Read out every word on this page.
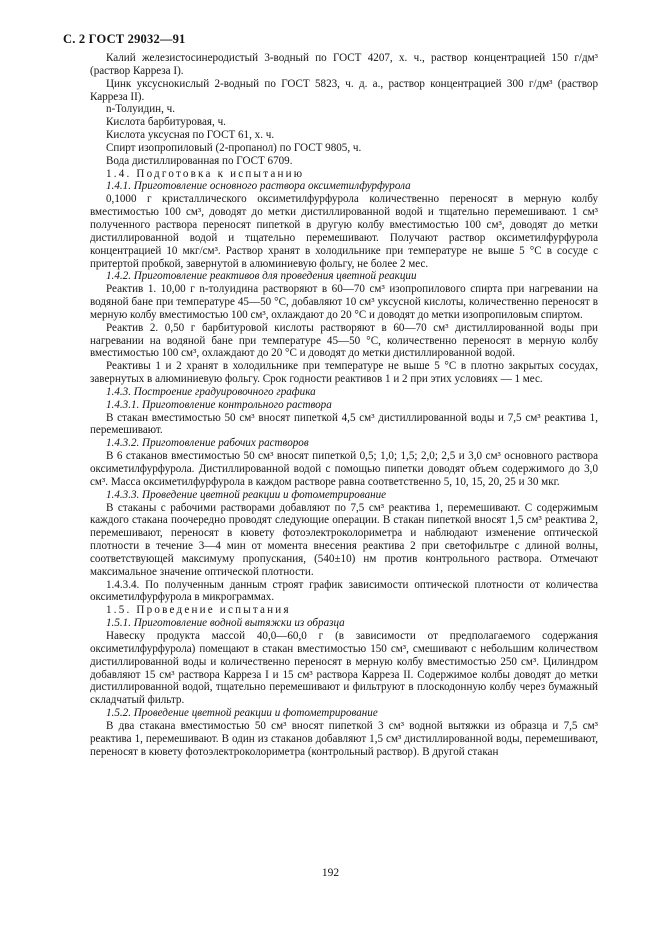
С. 2 ГОСТ 29032—91

Калий железистосинеродистый 3-водный по ГОСТ 4207, х. ч., раствор концентрацией 150 г/дм³ (раствор Карреза I).

Цинк уксуснокислый 2-водный по ГОСТ 5823, ч. д. а., раствор концентрацией 300 г/дм³ (раствор Карреза II).

n-Толуидин, ч.

Кислота барбитуровая, ч.

Кислота уксусная по ГОСТ 61, х. ч.

Спирт изопропиловый (2-пропанол) по ГОСТ 9805, ч.

Вода дистиллированная по ГОСТ 6709.

1.4. Подготовка к испытанию

1.4.1. Приготовление основного раствора оксиметилфурфурола

0,1000 г кристаллического оксиметилфурфурола количественно переносят в мерную колбу вместимостью 100 см³, доводят до метки дистиллированной водой и тщательно перемешивают. 1 см³ полученного раствора переносят пипеткой в другую колбу вместимостью 100 см³, доводят до метки дистиллированной водой и тщательно перемешивают. Получают раствор оксиметилфурфурола концентрацией 10 мкг/см³. Раствор хранят в холодильнике при температуре не выше 5 °С в сосуде с притертой пробкой, завернутой в алюминиевую фольгу, не более 2 мес.

1.4.2. Приготовление реактивов для проведения цветной реакции

Реактив 1. 10,00 г n-толуидина растворяют в 60—70 см³ изопропилового спирта при нагревании на водяной бане при температуре 45—50 °С, добавляют 10 см³ уксусной кислоты, количественно переносят в мерную колбу вместимостью 100 см³, охлаждают до 20 °С и доводят до метки изопропиловым спиртом.

Реактив 2. 0,50 г барбитуровой кислоты растворяют в 60—70 см³ дистиллированной воды при нагревании на водяной бане при температуре 45—50 °С, количественно переносят в мерную колбу вместимостью 100 см³, охлаждают до 20 °С и доводят до метки дистиллированной водой.

Реактивы 1 и 2 хранят в холодильнике при температуре не выше 5 °С в плотно закрытых сосудах, завернутых в алюминиевую фольгу. Срок годности реактивов 1 и 2 при этих условиях — 1 мес.

1.4.3. Построение градуировочного графика

1.4.3.1. Приготовление контрольного раствора

В стакан вместимостью 50 см³ вносят пипеткой 4,5 см³ дистиллированной воды и 7,5 см³ реактива 1, перемешивают.

1.4.3.2. Приготовление рабочих растворов

В 6 стаканов вместимостью 50 см³ вносят пипеткой 0,5; 1,0; 1,5; 2,0; 2,5 и 3,0 см³ основного раствора оксиметилфурфурола. Дистиллированной водой с помощью пипетки доводят объем содержимого до 3,0 см³. Масса оксиметилфурфурола в каждом растворе равна соответственно 5, 10, 15, 20, 25 и 30 мкг.

1.4.3.3. Проведение цветной реакции и фотометрирование

В стаканы с рабочими растворами добавляют по 7,5 см³ реактива 1, перемешивают. С содержимым каждого стакана поочередно проводят следующие операции. В стакан пипеткой вносят 1,5 см³ реактива 2, перемешивают, переносят в кювету фотоэлектроколориметра и наблюдают изменение оптической плотности в течение 3—4 мин от момента внесения реактива 2 при светофильтре с длиной волны, соответствующей максимуму пропускания, (540±10) нм против контрольного раствора. Отмечают максимальное значение оптической плотности.

1.4.3.4. По полученным данным строят график зависимости оптической плотности от количества оксиметилфурфурола в микрограммах.

1.5. Проведение испытания

1.5.1. Приготовление водной вытяжки из образца

Навеску продукта массой 40,0—60,0 г (в зависимости от предполагаемого содержания оксиметилфурфурола) помещают в стакан вместимостью 150 см³, смешивают с небольшим количеством дистиллированной воды и количественно переносят в мерную колбу вместимостью 250 см³. Цилиндром добавляют 15 см³ раствора Карреза I и 15 см³ раствора Карреза II. Содержимое колбы доводят до метки дистиллированной водой, тщательно перемешивают и фильтруют в плоскодонную колбу через бумажный складчатый фильтр.

1.5.2. Проведение цветной реакции и фотометрирование

В два стакана вместимостью 50 см³ вносят пипеткой 3 см³ водной вытяжки из образца и 7,5 см³ реактива 1, перемешивают. В один из стаканов добавляют 1,5 см³ дистиллированной воды, перемешивают, переносят в кювету фотоэлектроколориметра (контрольный раствор). В другой стакан

192
